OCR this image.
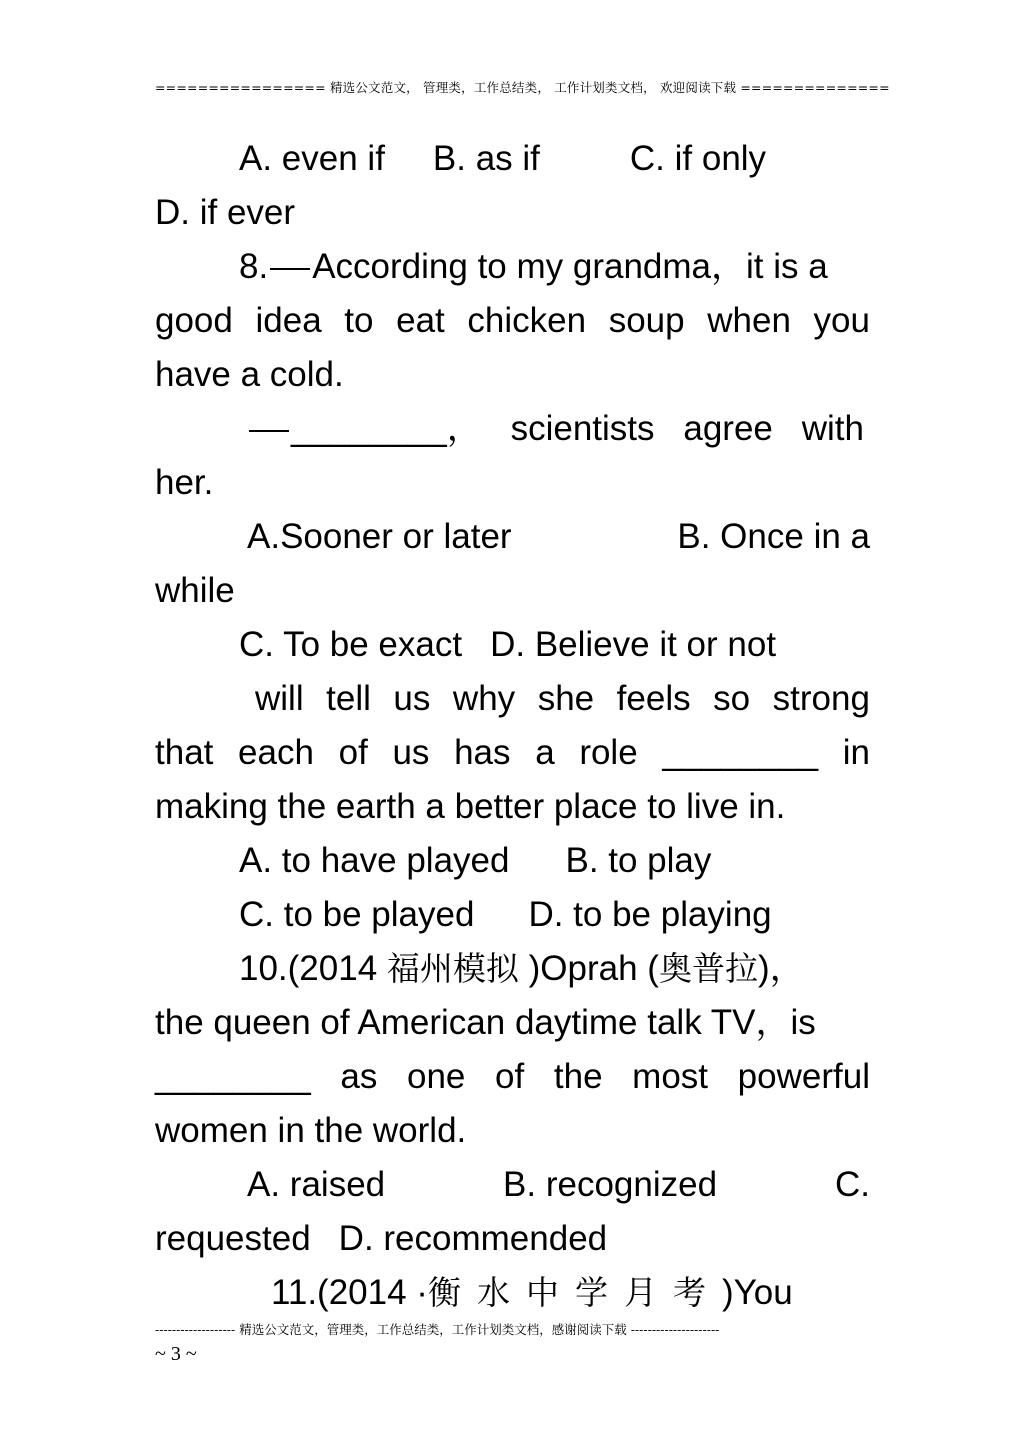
================ 精选公文范文， 管理类，工作总结类， 工作计划类文档， 欢迎阅读下载 ==============
A. even if B. as if	C. if only
D. if ever
8. According to my grandma，it is a
good idea to eat chicken soup when you
have a cold.
________， scientists agree with
her.
A.Sooner or later	B. Once in a
while
C. To be exact D. Believe it or not
will tell us why she feels so strong
that each of us has a role ________ in
making the earth a better place to live in.
A. to have played B. to play
C. to be played D. to be playing
10.(2014 福州模拟 )Oprah (奥普拉)，
the queen of American daytime talk TV，is
________ as one of the most powerful
women in the world.
A. raised	B. recognized	C.
requested D. recommended
11.(2014 ·衡水中学月考)You
------------------- 精选公文范文，管理类，工作总结类，工作计划类文档，感谢阅读下载 ---------------------
~ 3 ~
